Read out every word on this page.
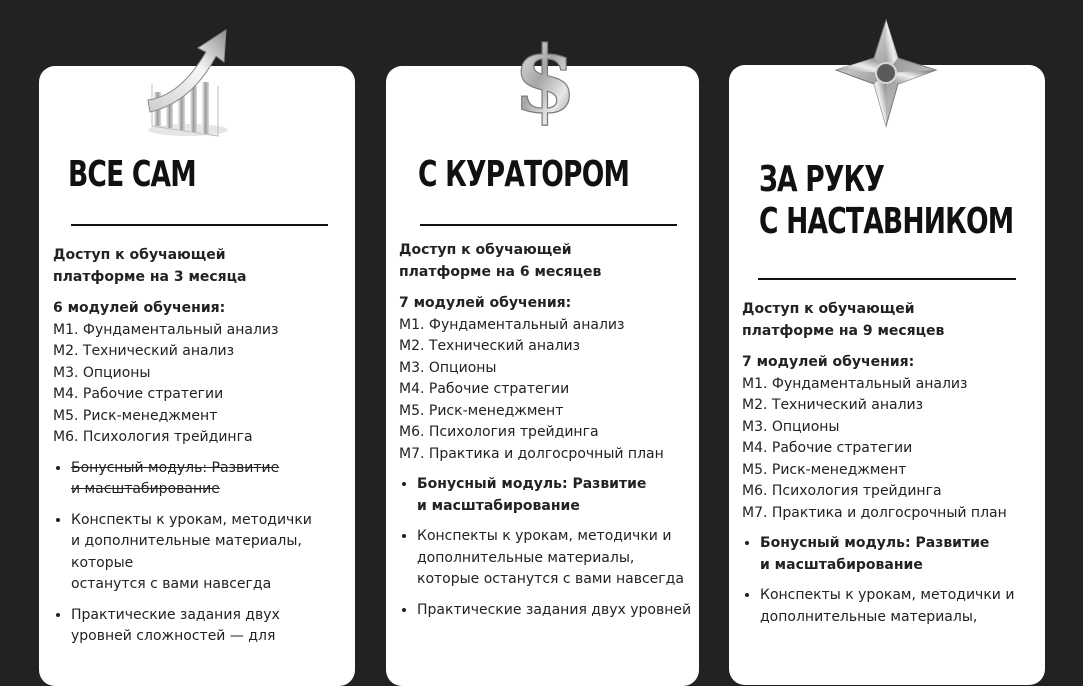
ВСЕ САМ

Доступ к обучающей
платформе на 3 месяца

6 модулей обучения:

М1. Фундаментальный анализ

М2. Технический анализ

М3. Опционы

М4. Рабочие стратегии

М5. Риск-менеджмент

М6. Психология трейдинга

• Бонусный модуль: Развитие
и масштабирование
• Конспекты к урокам, методички
и дополнительные материалы, которые
останутся с вами навсегда
• Практические задания двух
уровней сложностей — для
С КУРАТОРОМ

Доступ к обучающей
платформе на 6 месяцев

7 модулей обучения:

М1. Фундаментальный анализ

М2. Технический анализ

М3. Опционы

М4. Рабочие стратегии

М5. Риск-менеджмент

М6. Психология трейдинга

М7. Практика и долгосрочный план

• Бонусный модуль: Развитие
и масштабирование
• Конспекты к урокам, методички и
дополнительные материалы,
которые останутся с вами навсегда
• Практические задания двух уровней
ЗА РУКУ
С НАСТАВНИКОМ

Доступ к обучающей
платформе на 9 месяцев

7 модулей обучения:

М1. Фундаментальный анализ

М2. Технический анализ

М3. Опционы

М4. Рабочие стратегии

М5. Риск-менеджмент

М6. Психология трейдинга

М7. Практика и долгосрочный план

• Бонусный модуль: Развитие
и масштабирование
• Конспекты к урокам, методички и
дополнительные материалы,
$
